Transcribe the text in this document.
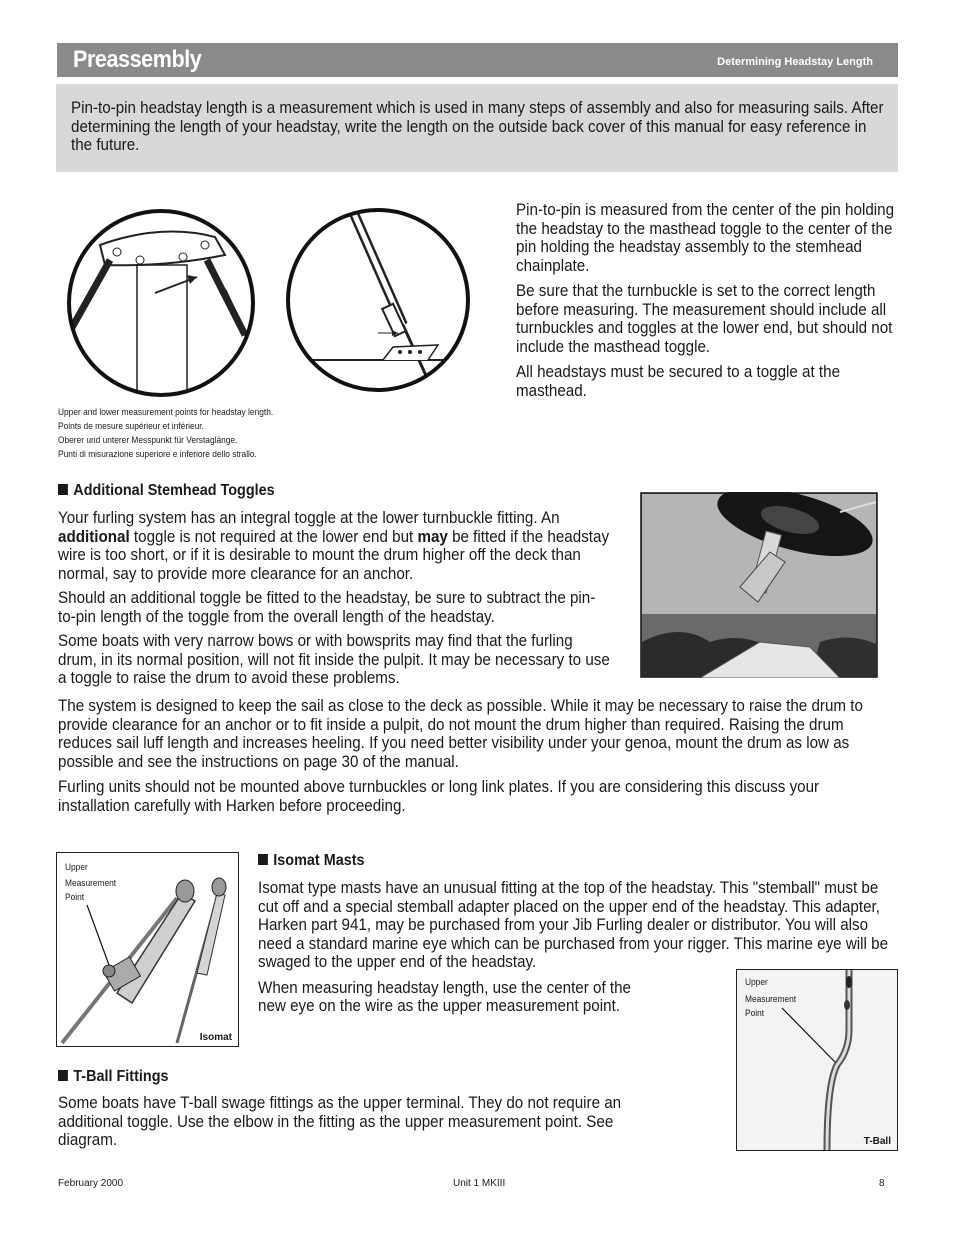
Preassembly	Determining Headstay Length

Pin-to-pin headstay length is a measurement which is used in many steps of assembly and also for measuring sails. After determining the length of your headstay, write the length on the outside back cover of this manual for easy reference in the future.

Upper and lower measurement points for headstay length.
Points de mesure supérieur et inférieur.
Oberer und unterer Messpunkt für Verstaglänge.
Punti di misurazione superiore e inferiore dello strallo.

Pin-to-pin is measured from the center of the pin holding the headstay to the masthead toggle to the center of the pin holding the headstay assembly to the stemhead chainplate.

Be sure that the turnbuckle is set to the correct length before measuring. The measurement should include all turnbuckles and toggles at the lower end, but should not include the masthead toggle.

All headstays must be secured to a toggle at the masthead.

Additional Stemhead Toggles

Your furling system has an integral toggle at the lower turnbuckle fitting. An additional toggle is not required at the lower end but may be fitted if the headstay wire is too short, or if it is desirable to mount the drum higher off the deck than normal, say to provide more clearance for an anchor.

Should an additional toggle be fitted to the headstay, be sure to subtract the pin-to-pin length of the toggle from the overall length of the headstay.

Some boats with very narrow bows or with bowsprits may find that the furling drum, in its normal position, will not fit inside the pulpit. It may be necessary to use a toggle to raise the drum to avoid these problems.

The system is designed to keep the sail as close to the deck as possible. While it may be necessary to raise the drum to provide clearance for an anchor or to fit inside a pulpit, do not mount the drum higher than required. Raising the drum reduces sail luff length and increases heeling. If you need better visibility under your genoa, mount the drum as low as possible and see the instructions on page 30 of the manual.

Furling units should not be mounted above turnbuckles or long link plates. If you are considering this discuss your installation carefully with Harken before proceeding.

Upper
Measurement
Point
Isomat
Isomat Masts

Isomat type masts have an unusual fitting at the top of the headstay. This "stemball" must be cut off and a special stemball adapter placed on the upper end of the headstay. This adapter, Harken part 941, may be purchased from your Jib Furling dealer or distributor. You will also need a standard marine eye which can be purchased from your rigger. This marine eye will be swaged to the upper end of the headstay.

When measuring headstay length, use the center of the new eye on the wire as the upper measurement point.

Upper
Measurement
Point
T-Ball
T-Ball Fittings

Some boats have T-ball swage fittings as the upper terminal. They do not require an additional toggle. Use the elbow in the fitting as the upper measurement point. See diagram.

February 2000	Unit 1 MKIII	8
